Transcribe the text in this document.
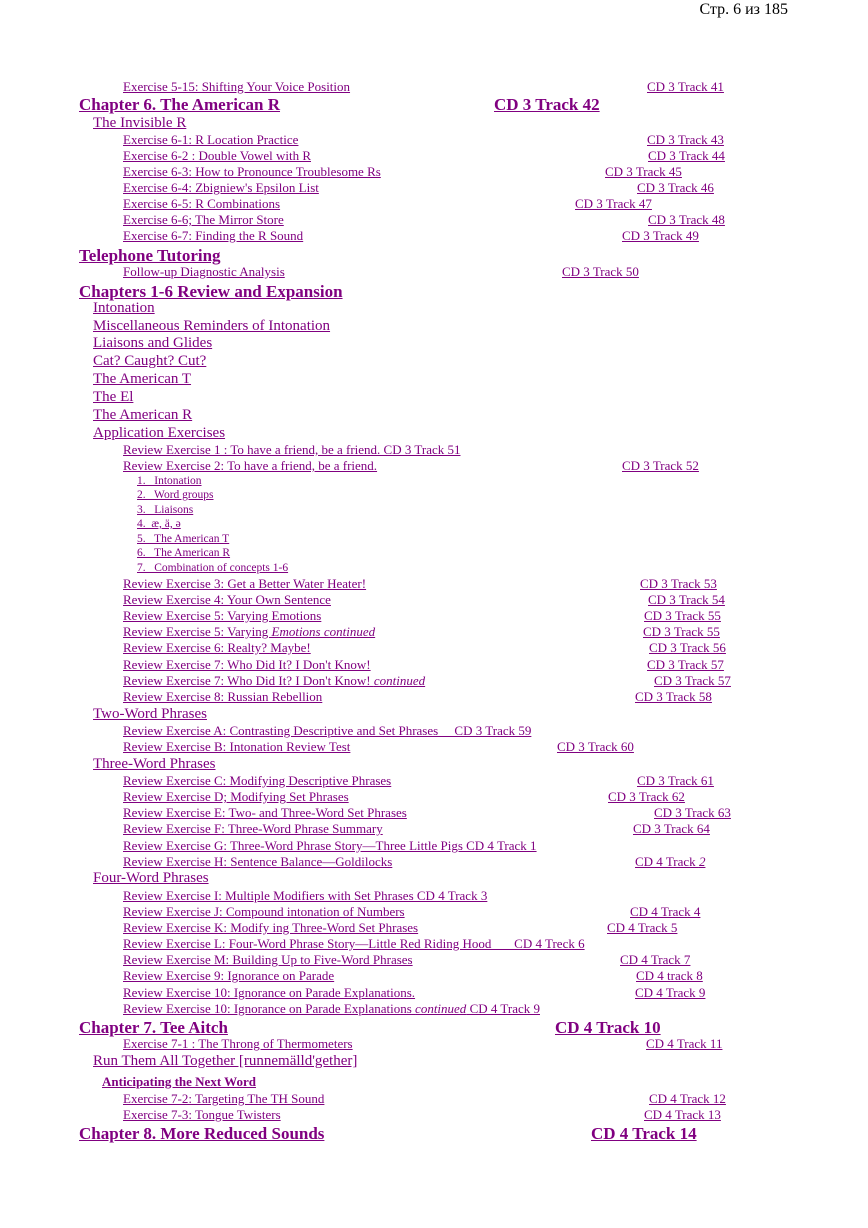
Стр. 6 из 185
Exercise 5-15: Shifting Your Voice Position	CD 3 Track 41
Chapter 6. The American R	CD 3 Track 42
The Invisible R
Exercise 6-1: R Location Practice	CD 3 Track 43
Exercise 6-2 : Double Vowel with R	CD 3 Track 44
Exercise 6-3: How to Pronounce Troublesome Rs	CD 3 Track 45
Exercise 6-4: Zbigniew's Epsilon List	CD 3 Track 46
Exercise 6-5: R Combinations	CD 3 Track 47
Exercise 6-6; The Mirror Store	CD 3 Track 48
Exercise 6-7: Finding the R Sound	CD 3 Track 49
Telephone Tutoring
Follow-up Diagnostic Analysis	CD 3 Track 50
Chapters 1-6 Review and Expansion
Intonation
Miscellaneous Reminders of Intonation
Liaisons and Glides
Cat? Caught? Cut?
The American T
The El
The American R
Application Exercises
Review Exercise 1 : To have a friend, be a friend. CD 3 Track 51
Review Exercise 2: To have a friend, be a friend.	CD 3 Track 52
1.   Intonation
2.   Word groups
3.   Liaisons
4.  æ, ä, ə
5.   The American T
6.   The American R
7.   Combination of concepts 1-6
Review Exercise 3: Get a Better Water Heater!	CD 3 Track 53
Review Exercise 4: Your Own Sentence	CD 3 Track 54
Review Exercise 5: Varying Emotions	CD 3 Track 55
Review Exercise 5: Varying Emotions continued	CD 3 Track 55
Review Exercise 6: Realty? Maybe!	CD 3 Track 56
Review Exercise 7: Who Did It? I Don't Know!	CD 3 Track 57
Review Exercise 7: Who Did It? I Don't Know! continued	CD 3 Track 57
Review Exercise 8: Russian Rebellion	CD 3 Track 58
Two-Word Phrases
Review Exercise A: Contrasting Descriptive and Set Phrases     CD 3 Track 59
Review Exercise B: Intonation Review Test	CD 3 Track 60
Three-Word Phrases
Review Exercise C: Modifying Descriptive Phrases	CD 3 Track 61
Review Exercise D; Modifying Set Phrases	CD 3 Track 62
Review Exercise E: Two- and Three-Word Set Phrases	CD 3 Track 63
Review Exercise F: Three-Word Phrase Summary	CD 3 Track 64
Review Exercise G: Three-Word Phrase Story—Three Little Pigs CD 4 Track 1
Review Exercise H: Sentence Balance—Goldilocks	CD 4 Track 2
Four-Word Phrases
Review Exercise I: Multiple Modifiers with Set Phrases CD 4 Track 3
Review Exercise J: Compound intonation of Numbers	CD 4 Track 4
Review Exercise K: Modify ing Three-Word Set Phrases	CD 4 Track 5
Review Exercise L: Four-Word Phrase Story—Little Red Riding Hood       CD 4 Treck 6
Review Exercise M: Building Up to Five-Word Phrases	CD 4 Track 7
Review Exercise 9: Ignorance on Parade	CD 4 track 8
Review Exercise 10: Ignorance on Parade Explanations.	CD 4 Track 9
Review Exercise 10: Ignorance on Parade Explanations continued CD 4 Track 9
Chapter 7. Tee Aitch	CD 4 Track 10
Exercise 7-1 : The Throng of Thermometers	CD 4 Track 11
Run Them All Together [runnemälld'gether]
Anticipating the Next Word
Exercise 7-2: Targeting The TH Sound	CD 4 Track 12
Exercise 7-3: Tongue Twisters	CD 4 Track 13
Chapter 8. More Reduced Sounds	CD 4 Track 14
